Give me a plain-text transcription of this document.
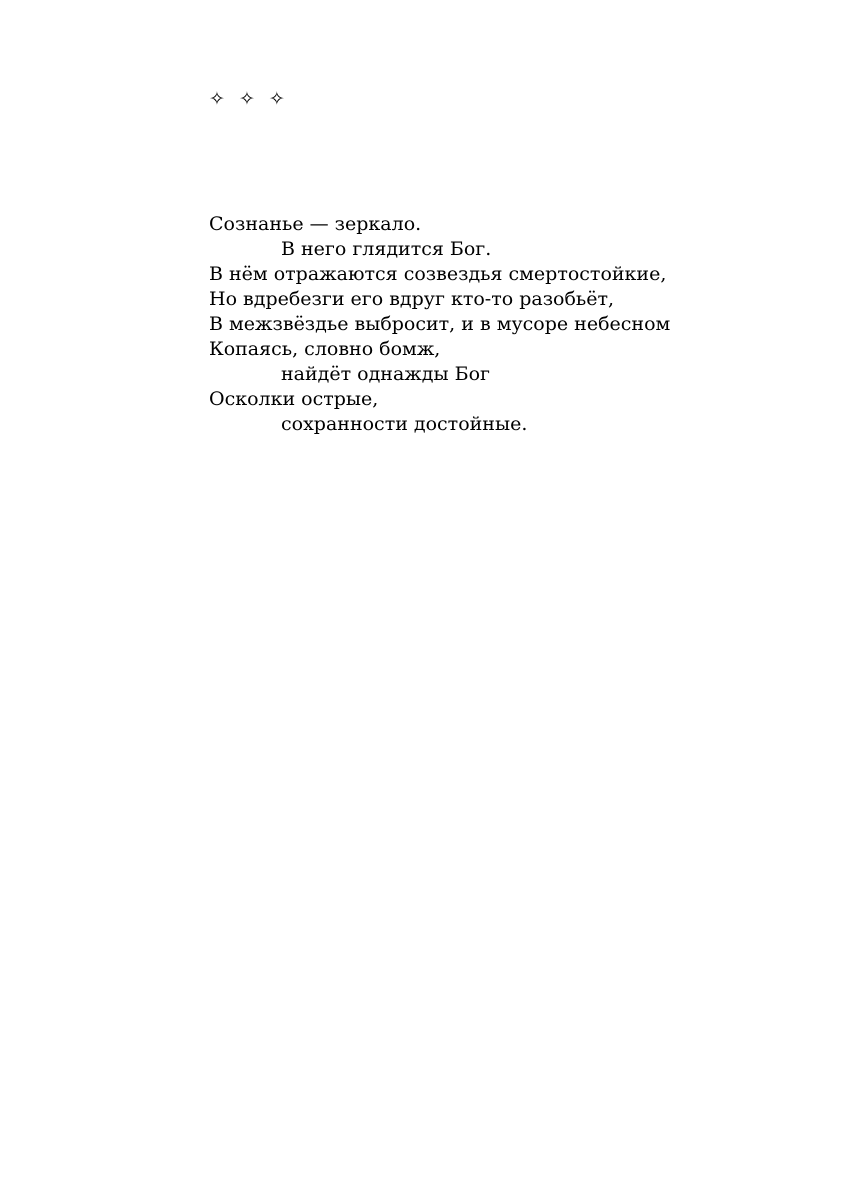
✧ ✧ ✧
Сознанье — зеркало.
В него глядится Бог.
В нём отражаются созвездья смертостойкие,
Но вдребезги его вдруг кто-то разобьёт,
В межзвёздье выбросит, и в мусоре небесном
Копаясь, словно бомж,
найдёт однажды Бог
Осколки острые,
сохранности достойные.
